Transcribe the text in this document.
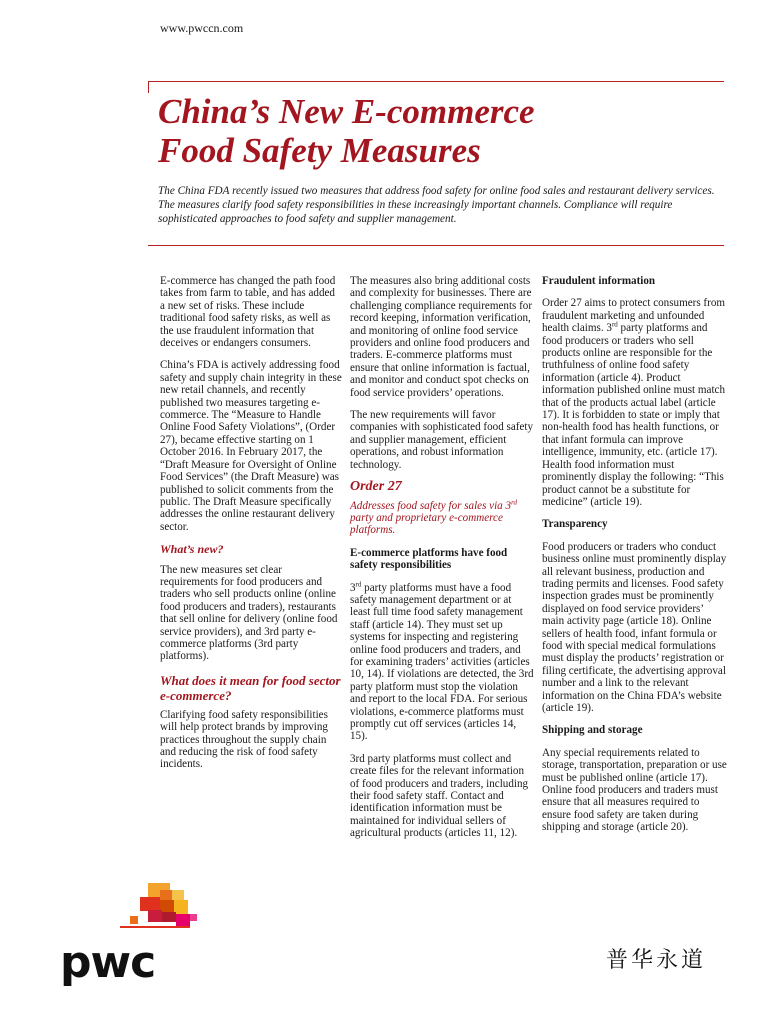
www.pwccn.com
China’s New E-commerce
Food Safety Measures

The China FDA recently issued two measures that address food safety for online food sales and restaurant delivery services. The measures clarify food safety responsibilities in these increasingly important channels. Compliance will require sophisticated approaches to food safety and supplier management.

E-commerce has changed the path food takes from farm to table, and has added a new set of risks. These include traditional food safety risks, as well as the use fraudulent information that deceives or endangers consumers.

China’s FDA is actively addressing food safety and supply chain integrity in these new retail channels, and recently published two measures targeting e-commerce. The “Measure to Handle Online Food Safety Violations”, (Order 27), became effective starting on 1 October 2016. In February 2017, the “Draft Measure for Oversight of Online Food Services” (the Draft Measure) was published to solicit comments from the public. The Draft Measure specifically addresses the online restaurant delivery sector.

What’s new?

The new measures set clear requirements for food producers and traders who sell products online (online food producers and traders), restaurants that sell online for delivery (online food service providers), and 3rd party e-commerce platforms (3rd party platforms).

What does it mean for food sector e-commerce?

Clarifying food safety responsibilities will help protect brands by improving practices throughout the supply chain and reducing the risk of food safety incidents.

The measures also bring additional costs and complexity for businesses. There are challenging compliance requirements for record keeping, information verification, and monitoring of online food service providers and online food producers and traders. E-commerce platforms must ensure that online information is factual, and monitor and conduct spot checks on food service providers’ operations.

The new requirements will favor companies with sophisticated food safety and supplier management, efficient operations, and robust information technology.

Order 27

Addresses food safety for sales via 3rd party and proprietary e-commerce platforms.

E-commerce platforms have food safety responsibilities

3rd party platforms must have a food safety management department or at least full time food safety management staff (article 14). They must set up systems for inspecting and registering online food producers and traders, and for examining traders’ activities (articles 10, 14). If violations are detected, the 3rd party platform must stop the violation and report to the local FDA. For serious violations, e-commerce platforms must promptly cut off services (articles 14, 15).

3rd party platforms must collect and create files for the relevant information of food producers and traders, including their food safety staff. Contact and identification information must be maintained for individual sellers of agricultural products (articles 11, 12).

Fraudulent information

Order 27 aims to protect consumers from fraudulent marketing and unfounded health claims. 3rd party platforms and food producers or traders who sell products online are responsible for the truthfulness of online food safety information (article 4). Product information published online must match that of the products actual label (article 17). It is forbidden to state or imply that non-health food has health functions, or that infant formula can improve intelligence, immunity, etc. (article 17). Health food information must prominently display the following: “This product cannot be a substitute for medicine” (article 19).

Transparency

Food producers or traders who conduct business online must prominently display all relevant business, production and trading permits and licenses. Food safety inspection grades must be prominently displayed on food service providers’ main activity page (article 18). Online sellers of health food, infant formula or food with special medical formulations must display the products’ registration or filing certificate, the advertising approval number and a link to the relevant information on the China FDA’s website (article 19).

Shipping and storage

Any special requirements related to storage, transportation, preparation or use must be published online (article 17). Online food producers and traders must ensure that all measures required to ensure food safety are taken during shipping and storage (article 20).

pwc	普华永道
